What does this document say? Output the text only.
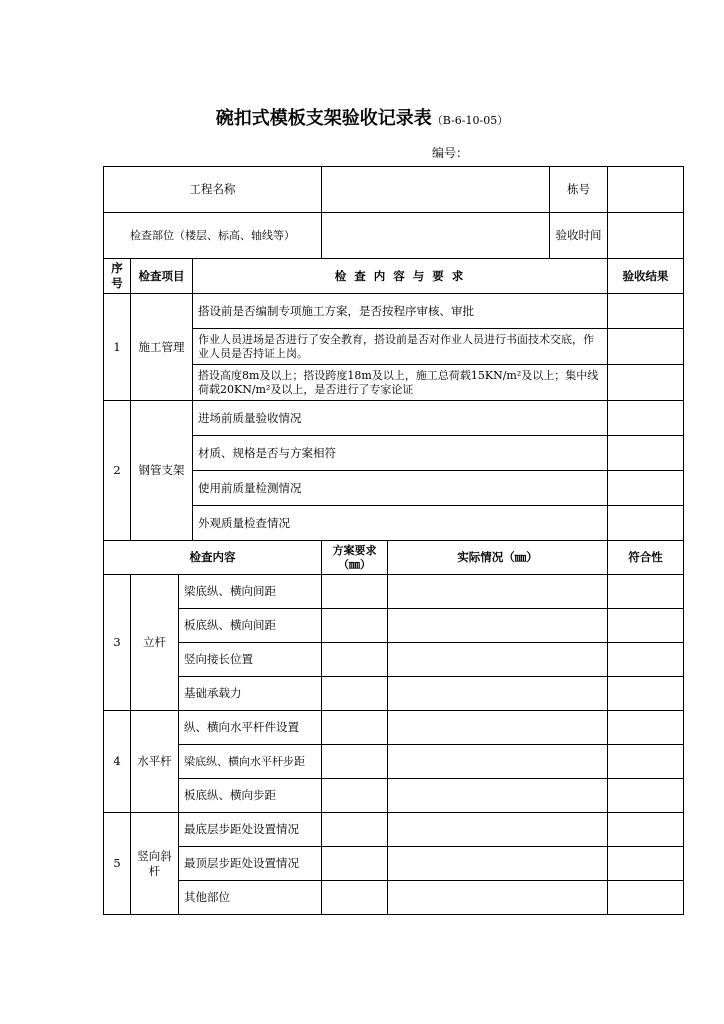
碗扣式模板支架验收记录表（B-6-10-05）
编号：
工程名称						栋号	
检查部位（楼层、标高、轴线等）						验收时间	
序号	检查项目		检 查 内 容 与 要 求				验收结果
1	施工管理		搭设前是否编制专项施工方案，是否按程序审核、审批				
			作业人员进场是否进行了安全教育，搭设前是否对作业人员进行书面技术交底，作业人员是否持证上岗。				
			搭设高度8m及以上；搭设跨度18m及以上，施工总荷载15KN/m²及以上；集中线荷载20KN/m²及以上，是否进行了专家论证				
2	钢管支架		进场前质量验收情况				
			材质、规格是否与方案相符				
			使用前质量检测情况				
			外观质量检查情况				
检查内容				方案要求（㎜）	实际情况（㎜）		符合性
3	立杆	梁底纵、横向间距					
		板底纵、横向间距					
		竖向接长位置					
		基础承载力					
4	水平杆	纵、横向水平杆件设置					
		梁底纵、横向水平杆步距					
		板底纵、横向步距					
5	竖向斜杆	最底层步距处设置情况					
		最顶层步距处设置情况					
		其他部位					
